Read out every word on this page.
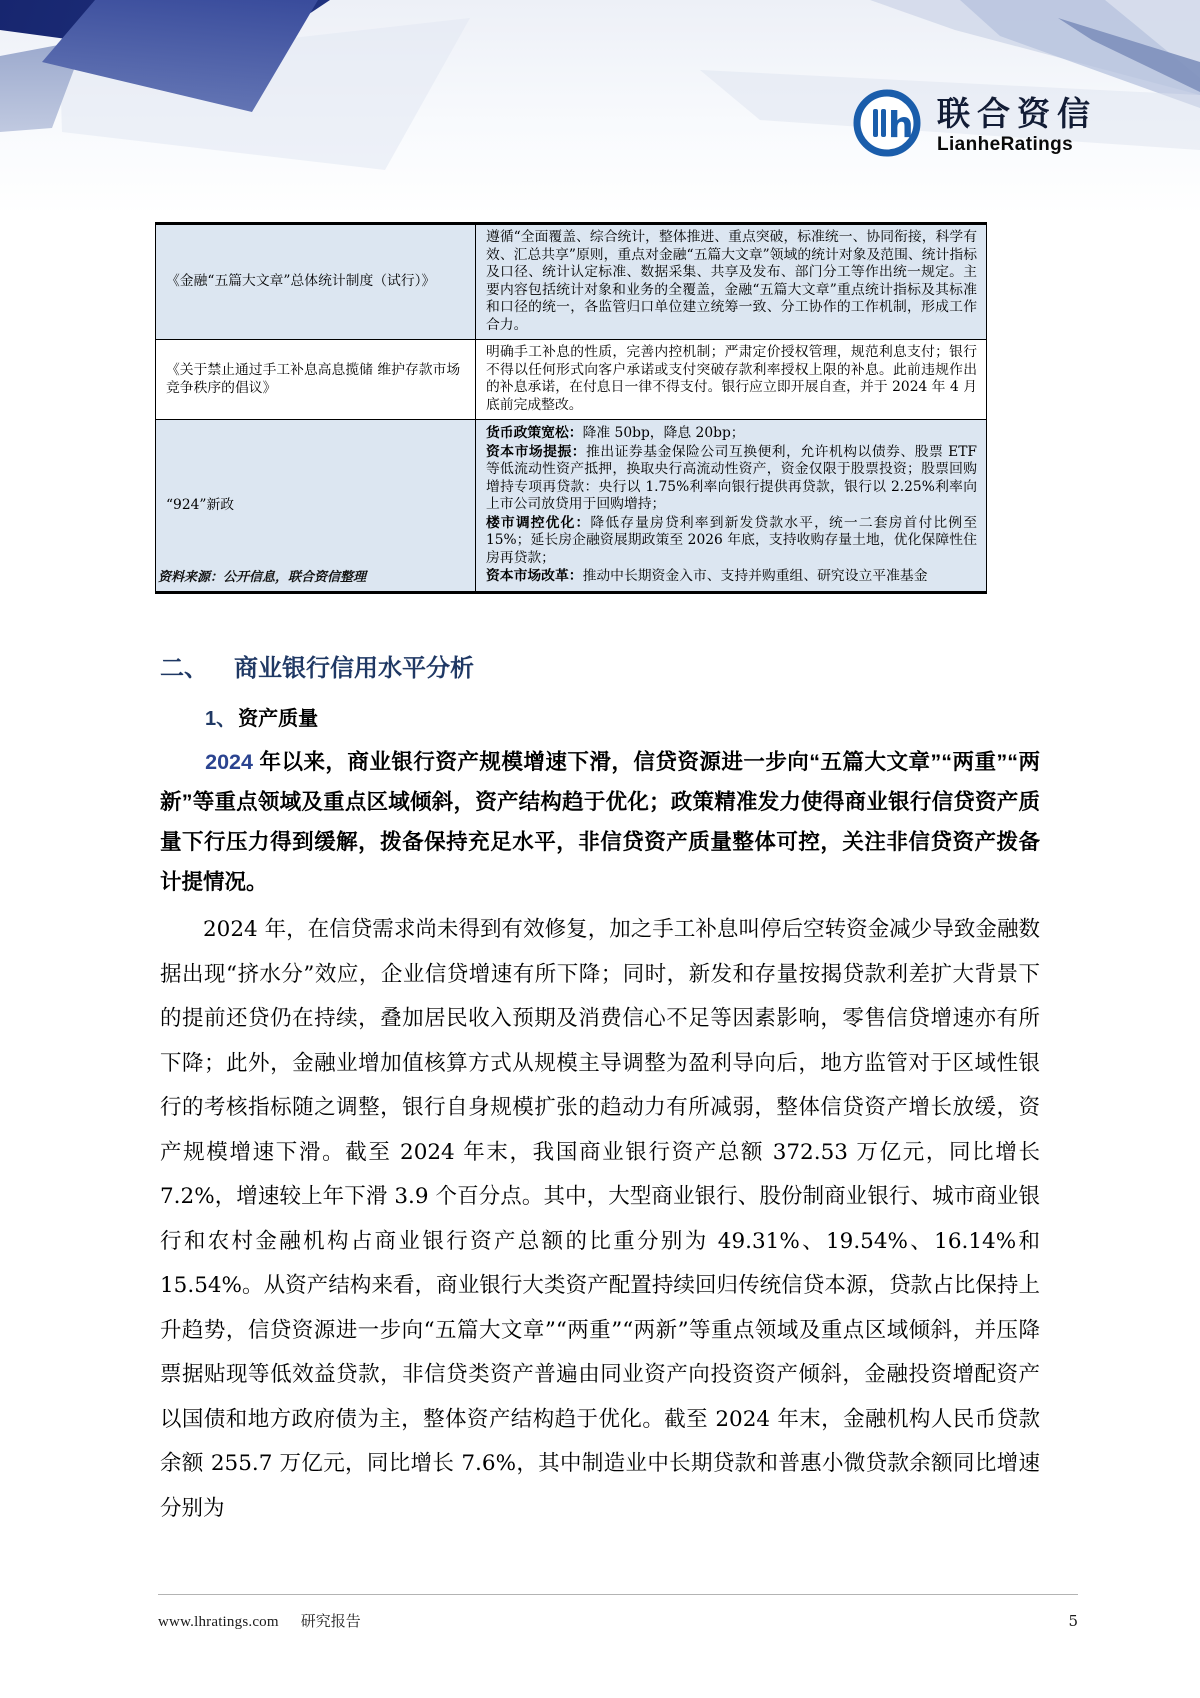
h 联合资信
LianheRatings
《金融“五篇大文章”总体统计制度（试行）》
遵循“全面覆盖、综合统计，整体推进、重点突破，标准统一、协同衔接，科学有效、汇总共享”原则，重点对金融“五篇大文章”领域的统计对象及范围、统计指标及口径、统计认定标准、数据采集、共享及发布、部门分工等作出统一规定。主要内容包括统计对象和业务的全覆盖，金融“五篇大文章”重点统计指标及其标准和口径的统一，各监管归口单位建立统筹一致、分工协作的工作机制，形成工作合力。
《关于禁止通过手工补息高息揽储 维护存款市场竞争秩序的倡议》
明确手工补息的性质，完善内控机制；严肃定价授权管理，规范利息支付；银行不得以任何形式向客户承诺或支付突破存款利率授权上限的补息。此前违规作出的补息承诺，在付息日一律不得支付。银行应立即开展自查，并于 2024 年 4 月底前完成整改。
“924”新政
货币政策宽松：降准 50bp，降息 20bp；
资本市场提振：推出证券基金保险公司互换便利，允许机构以债券、股票 ETF 等低流动性资产抵押，换取央行高流动性资产，资金仅限于股票投资；股票回购增持专项再贷款：央行以 1.75%利率向银行提供再贷款，银行以 2.25%利率向上市公司放贷用于回购增持；
楼市调控优化：降低存量房贷利率到新发贷款水平，统一二套房首付比例至 15%；延长房企融资展期政策至 2026 年底，支持收购存量土地，优化保障性住房再贷款；
资本市场改革：推动中长期资金入市、支持并购重组、研究设立平准基金
资料来源：公开信息，联合资信整理
二、 商业银行信用水平分析
1、 资产质量

2024 年以来，商业银行资产规模增速下滑，信贷资源进一步向“五篇大文章”“两重”“两新”等重点领域及重点区域倾斜，资产结构趋于优化；政策精准发力使得商业银行信贷资产质量下行压力得到缓解，拨备保持充足水平，非信贷资产质量整体可控，关注非信贷资产拨备计提情况。

2024 年，在信贷需求尚未得到有效修复，加之手工补息叫停后空转资金减少导致金融数据出现“挤水分”效应，企业信贷增速有所下降；同时，新发和存量按揭贷款利差扩大背景下的提前还贷仍在持续，叠加居民收入预期及消费信心不足等因素影响，零售信贷增速亦有所下降；此外，金融业增加值核算方式从规模主导调整为盈利导向后，地方监管对于区域性银行的考核指标随之调整，银行自身规模扩张的趋动力有所减弱，整体信贷资产增长放缓，资产规模增速下滑。截至 2024 年末，我国商业银行资产总额 372.53 万亿元，同比增长 7.2%，增速较上年下滑 3.9 个百分点。其中，大型商业银行、股份制商业银行、城市商业银行和农村金融机构占商业银行资产总额的比重分别为 49.31%、19.54%、16.14%和 15.54%。从资产结构来看，商业银行大类资产配置持续回归传统信贷本源，贷款占比保持上升趋势，信贷资源进一步向“五篇大文章”“两重”“两新”等重点领域及重点区域倾斜，并压降票据贴现等低效益贷款，非信贷类资产普遍由同业资产向投资资产倾斜，金融投资增配资产以国债和地方政府债为主，整体资产结构趋于优化。截至 2024 年末，金融机构人民币贷款余额 255.7 万亿元，同比增长 7.6%，其中制造业中长期贷款和普惠小微贷款余额同比增速分别为

www.lhratings.com 研究报告	5
